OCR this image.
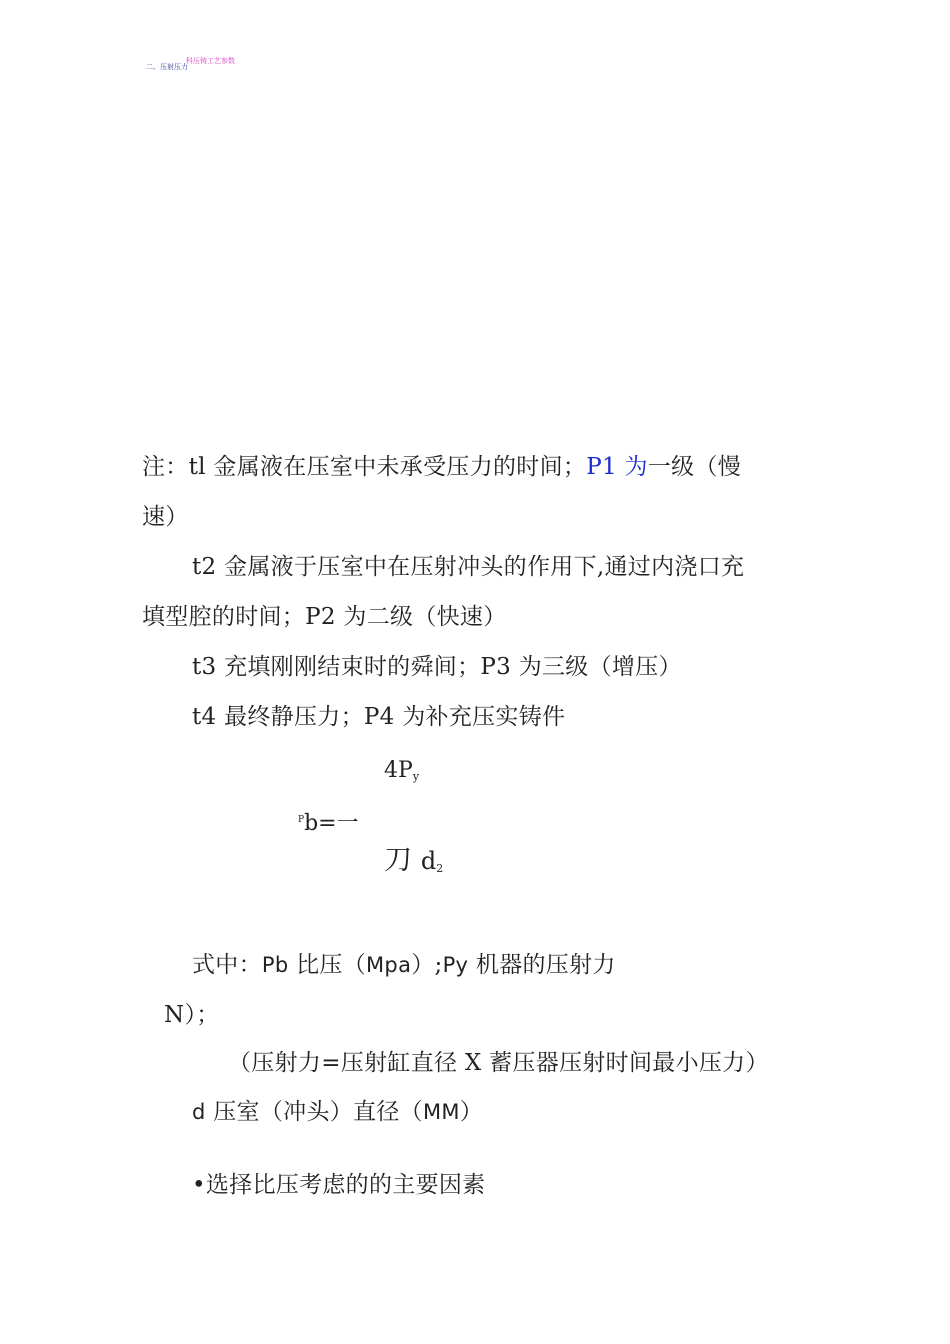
二、压射压力
科压铸工艺参数
注：tl 金属液在压室中未承受压力的时间；P1 为一级（慢
速）
t2 金属液于压室中在压射冲头的作用下,通过内浇口充
填型腔的时间；P2 为二级（快速）
t3 充填刚刚结束时的舜间；P3 为三级（增压）
t4 最终静压力；P4 为补充压实铸件
$4P_y$
$^P$b=一
刀 $d_2$
式中：Pb 比压（Mpa）;Py 机器的压射力
N）；
（压射力=压射缸直径 X 蓄压器压射时间最小压力）
d 压室（冲头）直径（MM）
•选择比压考虑的的主要因素
